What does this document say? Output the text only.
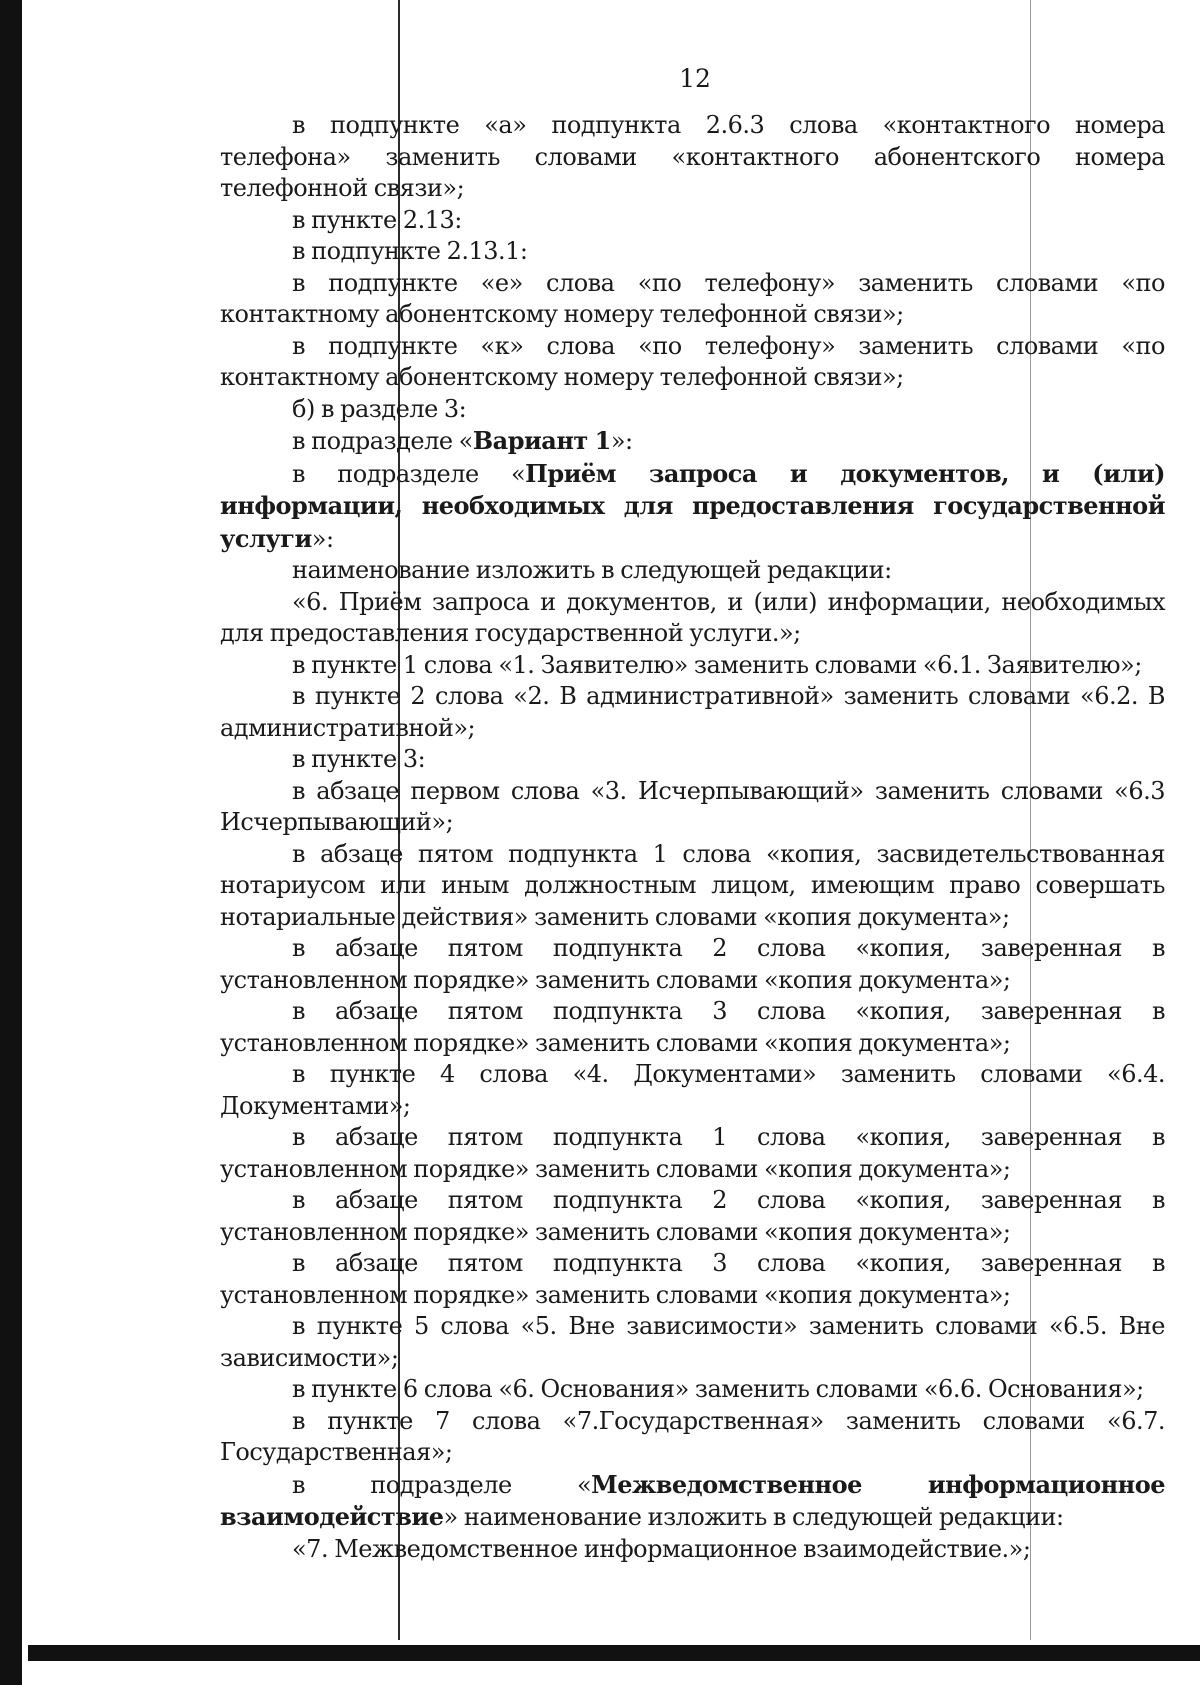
12

в подпункте «а» подпункта 2.6.3 слова «контактного номера телефона» заменить словами «контактного абонентского номера телефонной связи»;

в пункте 2.13:

в подпункте 2.13.1:

в подпункте «е» слова «по телефону» заменить словами «по контактному абонентскому номеру телефонной связи»;

в подпункте «к» слова «по телефону» заменить словами «по контактному абонентскому номеру телефонной связи»;

б) в разделе 3:

в подразделе «Вариант 1»:

в подразделе «Приём запроса и документов, и (или) информации, необходимых для предоставления государственной услуги»:

наименование изложить в следующей редакции:

«6. Приём запроса и документов, и (или) информации, необходимых для предоставления государственной услуги.»;

в пункте 1 слова «1. Заявителю» заменить словами «6.1. Заявителю»;

в пункте 2 слова «2. В административной» заменить словами «6.2. В административной»;

в пункте 3:

в абзаце первом слова «3. Исчерпывающий» заменить словами «6.3 Исчерпывающий»;

в абзаце пятом подпункта 1 слова «копия, засвидетельствованная нотариусом или иным должностным лицом, имеющим право совершать нотариальные действия» заменить словами «копия документа»;

в абзаце пятом подпункта 2 слова «копия, заверенная в установленном порядке» заменить словами «копия документа»;

в абзаце пятом подпункта 3 слова «копия, заверенная в установленном порядке» заменить словами «копия документа»;

в пункте 4 слова «4. Документами» заменить словами «6.4. Документами»;

в абзаце пятом подпункта 1 слова «копия, заверенная в установленном порядке» заменить словами «копия документа»;

в абзаце пятом подпункта 2 слова «копия, заверенная в установленном порядке» заменить словами «копия документа»;

в абзаце пятом подпункта 3 слова «копия, заверенная в установленном порядке» заменить словами «копия документа»;

в пункте 5 слова «5. Вне зависимости» заменить словами «6.5. Вне зависимости»;

в пункте 6 слова «6. Основания» заменить словами «6.6. Основания»;

в пункте 7 слова «7.Государственная» заменить словами «6.7. Государственная»;

в подразделе «Межведомственное информационное взаимодействие» наименование изложить в следующей редакции:

«7. Межведомственное информационное взаимодействие.»;
